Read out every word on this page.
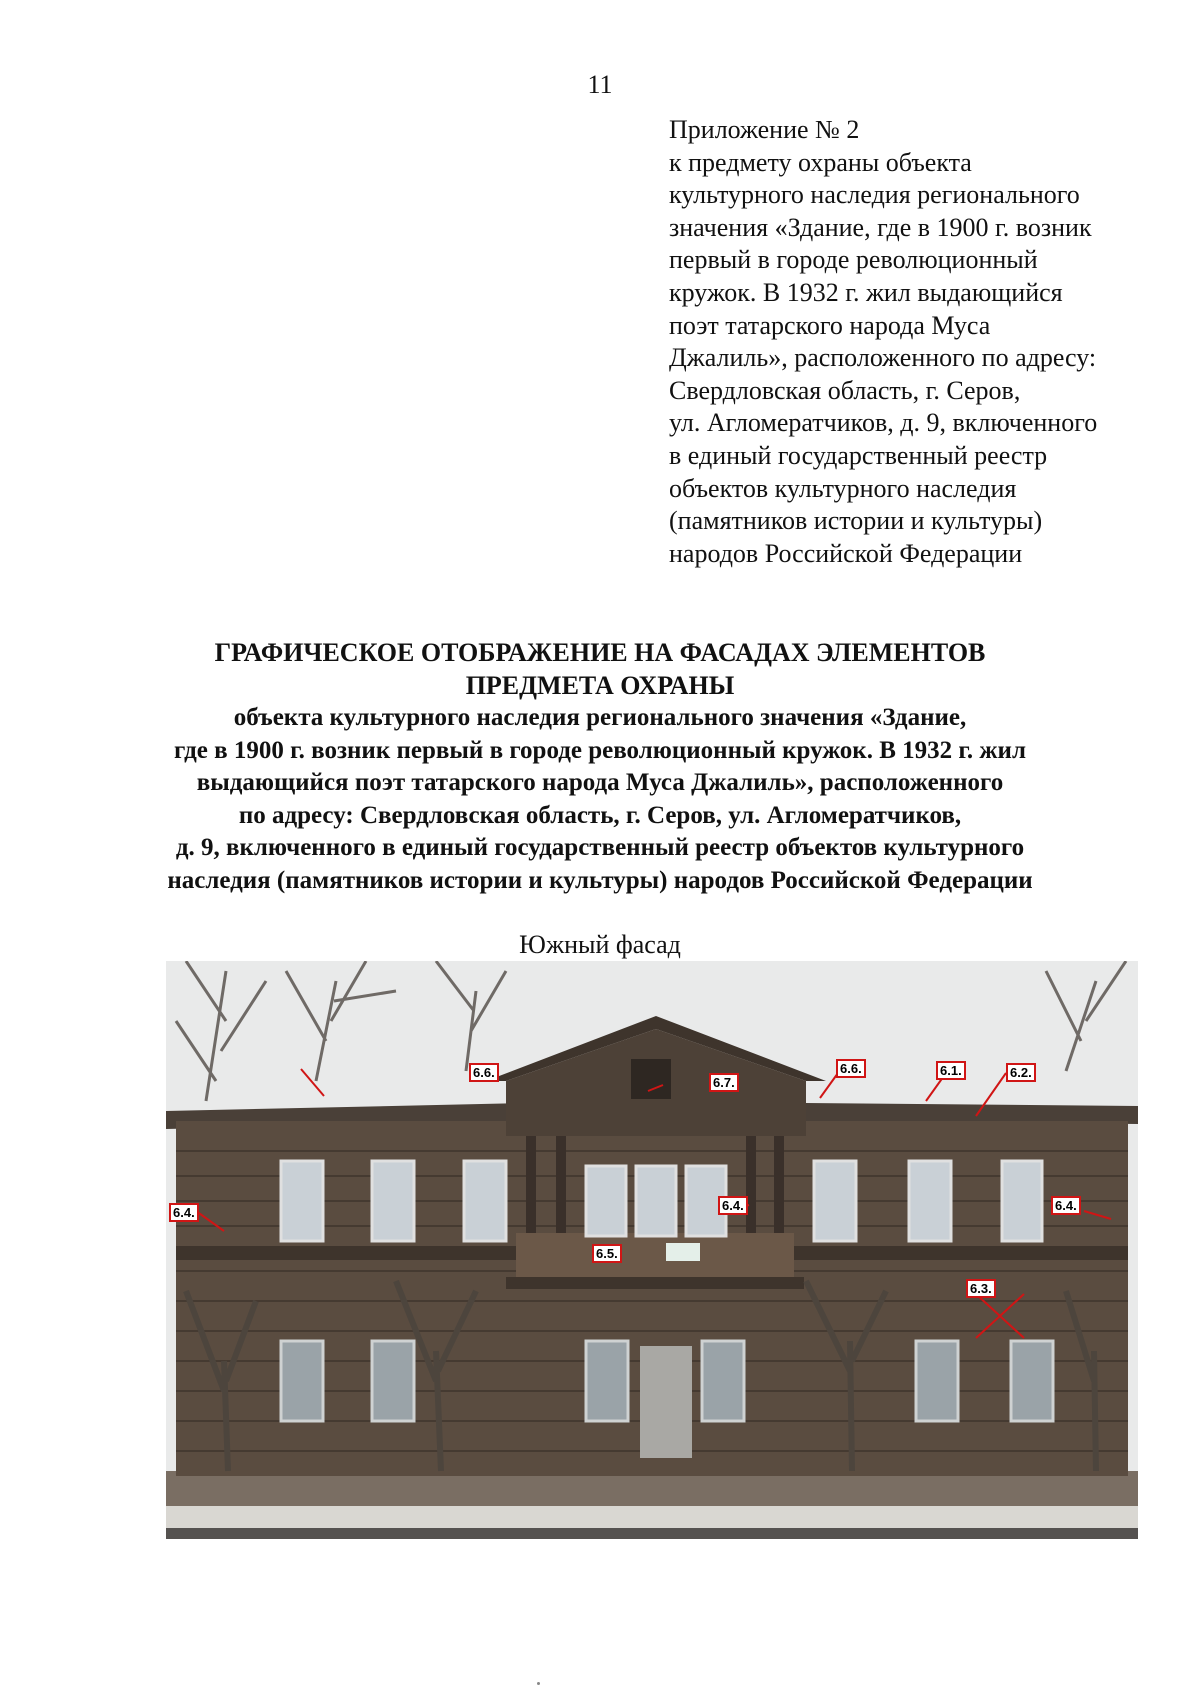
11
Приложение № 2
к предмету охраны объекта
культурного наследия регионального
значения «Здание, где в 1900 г. возник
первый в городе революционный
кружок. В 1932 г. жил выдающийся
поэт татарского народа Муса
Джалиль», расположенного по адресу:
Свердловская область, г. Серов,
ул. Агломератчиков, д. 9, включенного
в единый государственный реестр
объектов культурного наследия
(памятников истории и культуры)
народов Российской Федерации
ГРАФИЧЕСКОЕ ОТОБРАЖЕНИЕ НА ФАСАДАХ ЭЛЕМЕНТОВ
ПРЕДМЕТА ОХРАНЫ
объекта культурного наследия регионального значения «Здание,
где в 1900 г. возник первый в городе революционный кружок. В 1932 г. жил
выдающийся поэт татарского народа Муса Джалиль», расположенного
по адресу: Свердловская область, г. Серов, ул. Агломератчиков,
д. 9, включенного в единый государственный реестр объектов культурного
наследия (памятников истории и культуры) народов Российской Федерации
Южный фасад
6.6.
6.7.
6.6.	6.1.	6.2.
6.4.	6.4.	6.4.
6.5.
6.3.
